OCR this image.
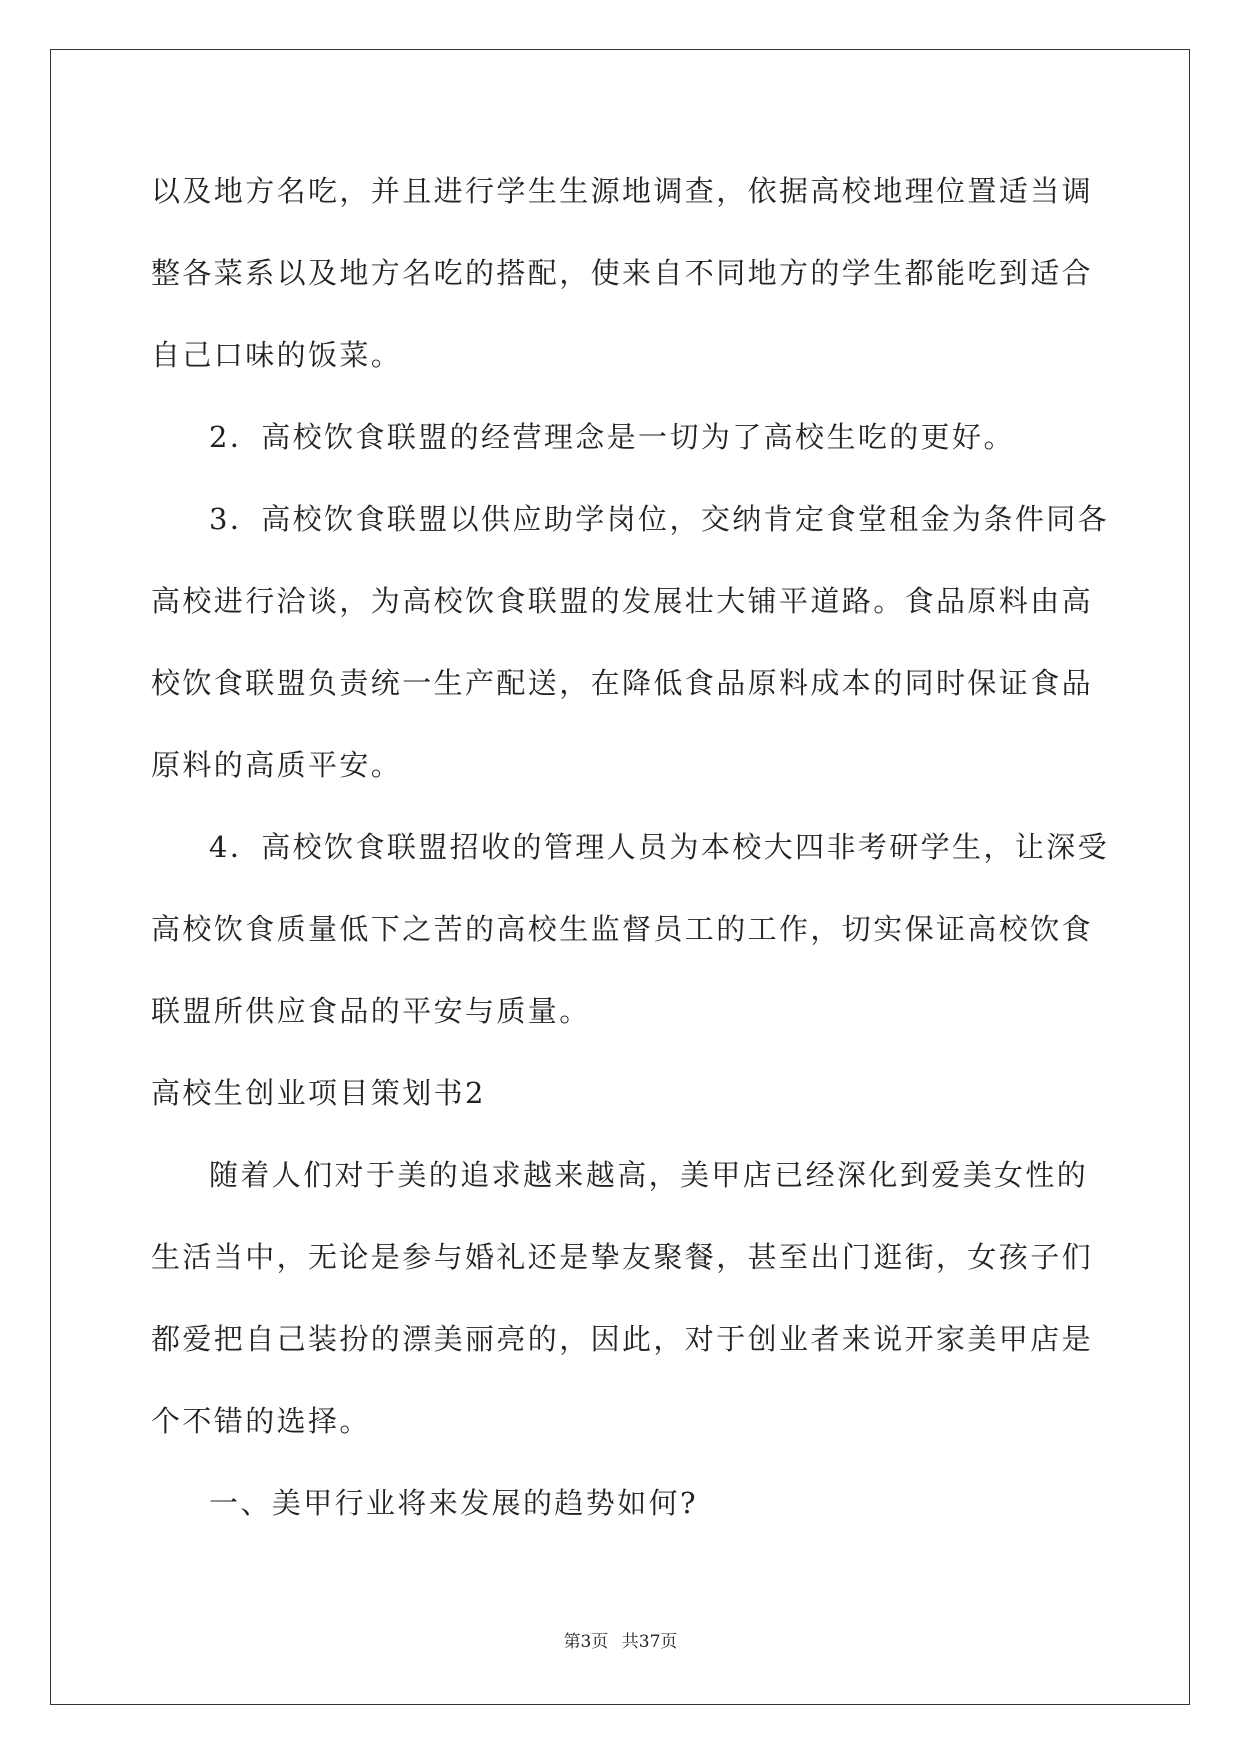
以及地方名吃，并且进行学生生源地调查，依据高校地理位置适当调
整各菜系以及地方名吃的搭配，使来自不同地方的学生都能吃到适合
自己口味的饭菜。
2．高校饮食联盟的经营理念是一切为了高校生吃的更好。
3．高校饮食联盟以供应助学岗位，交纳肯定食堂租金为条件同各
高校进行洽谈，为高校饮食联盟的发展壮大铺平道路。食品原料由高
校饮食联盟负责统一生产配送，在降低食品原料成本的同时保证食品
原料的高质平安。
4．高校饮食联盟招收的管理人员为本校大四非考研学生，让深受
高校饮食质量低下之苦的高校生监督员工的工作，切实保证高校饮食
联盟所供应食品的平安与质量。
高校生创业项目策划书2
随着人们对于美的追求越来越高，美甲店已经深化到爱美女性的
生活当中，无论是参与婚礼还是挚友聚餐，甚至出门逛街，女孩子们
都爱把自己装扮的漂美丽亮的，因此，对于创业者来说开家美甲店是
个不错的选择。
一、美甲行业将来发展的趋势如何?
第3页 共37页
